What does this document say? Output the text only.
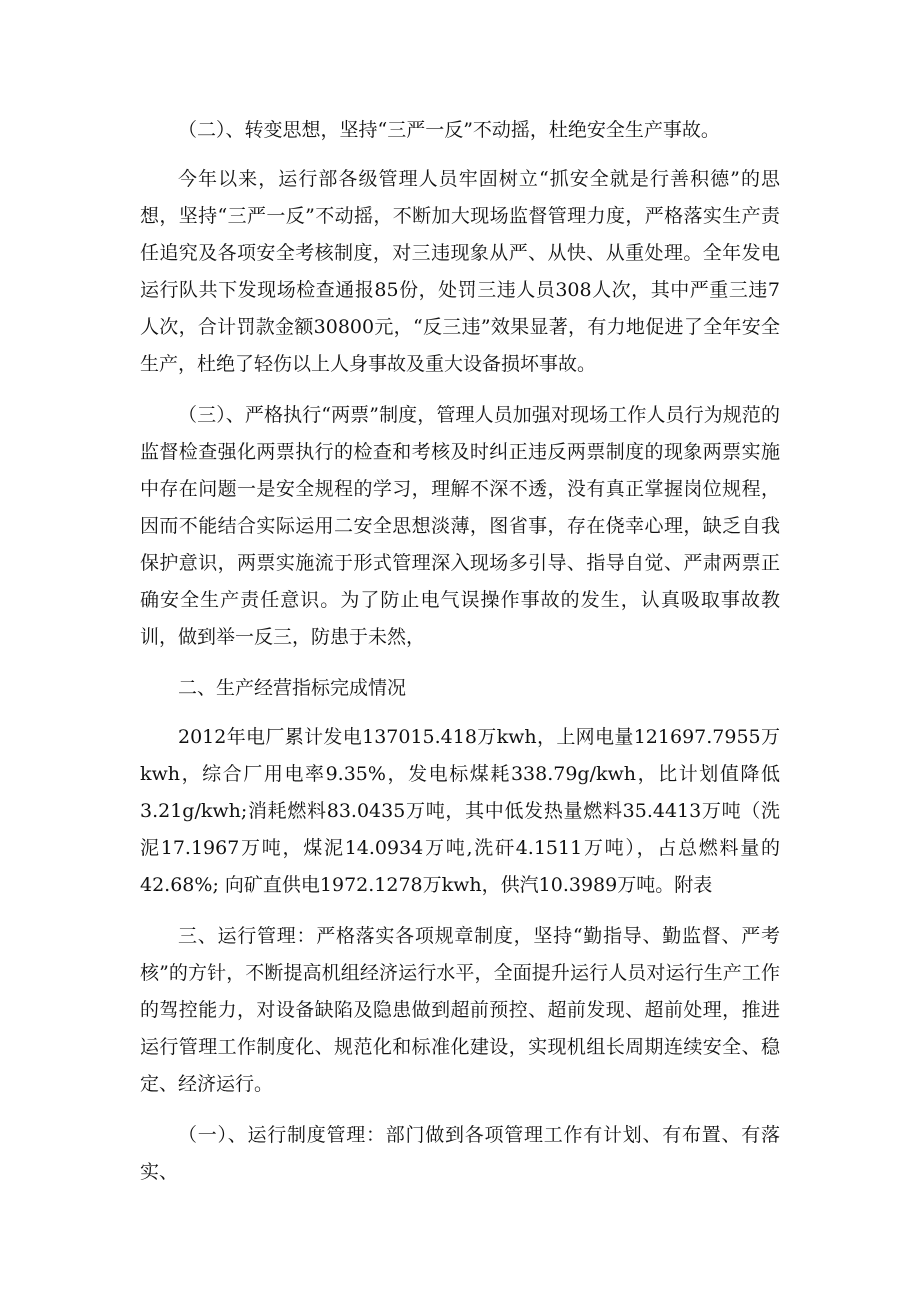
（二）、转变思想，坚持“三严一反”不动摇，杜绝安全生产事故。

今年以来，运行部各级管理人员牢固树立“抓安全就是行善积德”的思想，坚持“三严一反”不动摇，不断加大现场监督管理力度，严格落实生产责任追究及各项安全考核制度，对三违现象从严、从快、从重处理。全年发电运行队共下发现场检查通报85份，处罚三违人员308人次，其中严重三违7人次，合计罚款金额30800元，“反三违”效果显著，有力地促进了全年安全生产，杜绝了轻伤以上人身事故及重大设备损坏事故。

（三）、严格执行“两票”制度，管理人员加强对现场工作人员行为规范的监督检查强化两票执行的检查和考核及时纠正违反两票制度的现象两票实施中存在问题一是安全规程的学习，理解不深不透，没有真正掌握岗位规程，因而不能结合实际运用二安全思想淡薄，图省事，存在侥幸心理，缺乏自我保护意识，两票实施流于形式管理深入现场多引导、指导自觉、严肃两票正确安全生产责任意识。为了防止电气误操作事故的发生，认真吸取事故教训，做到举一反三，防患于未然，

二、生产经营指标完成情况

2012年电厂累计发电137015.418万kwh，上网电量121697.7955万kwh，综合厂用电率9.35%，发电标煤耗338.79g/kwh，比计划值降低3.21g/kwh;消耗燃料83.0435万吨，其中低发热量燃料35.4413万吨（洗泥17.1967万吨，煤泥14.0934万吨,洗矸4.1511万吨），占总燃料量的42.68%; 向矿直供电1972.1278万kwh，供汽10.3989万吨。附表

三、运行管理：严格落实各项规章制度，坚持“勤指导、勤监督、严考核”的方针，不断提高机组经济运行水平，全面提升运行人员对运行生产工作的驾控能力，对设备缺陷及隐患做到超前预控、超前发现、超前处理，推进运行管理工作制度化、规范化和标准化建设，实现机组长周期连续安全、稳定、经济运行。

（一）、运行制度管理：部门做到各项管理工作有计划、有布置、有落实、
